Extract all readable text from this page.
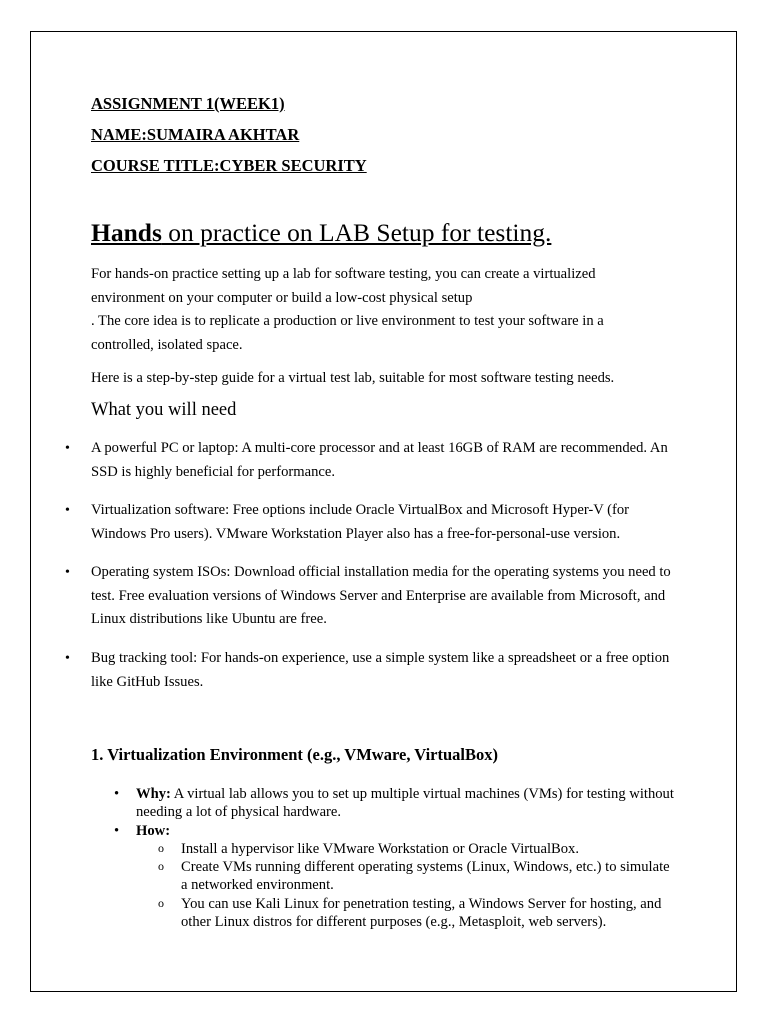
ASSIGNMENT 1(WEEK1)

NAME:SUMAIRA AKHTAR

COURSE TITLE:CYBER SECURITY

Hands on practice on LAB Setup for testing.

For hands-on practice setting up a lab for software testing, you can create a virtualized environment on your computer or build a low-cost physical setup
. The core idea is to replicate a production or live environment to test your software in a controlled, isolated space.

Here is a step-by-step guide for a virtual test lab, suitable for most software testing needs.

What you will need
• A powerful PC or laptop: A multi-core processor and at least 16GB of RAM are recommended. An SSD is highly beneficial for performance.
• Virtualization software: Free options include Oracle VirtualBox and Microsoft Hyper-V (for Windows Pro users). VMware Workstation Player also has a free-for-personal-use version.
• Operating system ISOs: Download official installation media for the operating systems you need to test. Free evaluation versions of Windows Server and Enterprise are available from Microsoft, and Linux distributions like Ubuntu are free.
• Bug tracking tool: For hands-on experience, use a simple system like a spreadsheet or a free option like GitHub Issues.
1. Virtualization Environment (e.g., VMware, VirtualBox)
• Why: A virtual lab allows you to set up multiple virtual machines (VMs) for testing without needing a lot of physical hardware.
• How:
o Install a hypervisor like VMware Workstation or Oracle VirtualBox.
o Create VMs running different operating systems (Linux, Windows, etc.) to simulate a networked environment.
o You can use Kali Linux for penetration testing, a Windows Server for hosting, and other Linux distros for different purposes (e.g., Metasploit, web servers).
